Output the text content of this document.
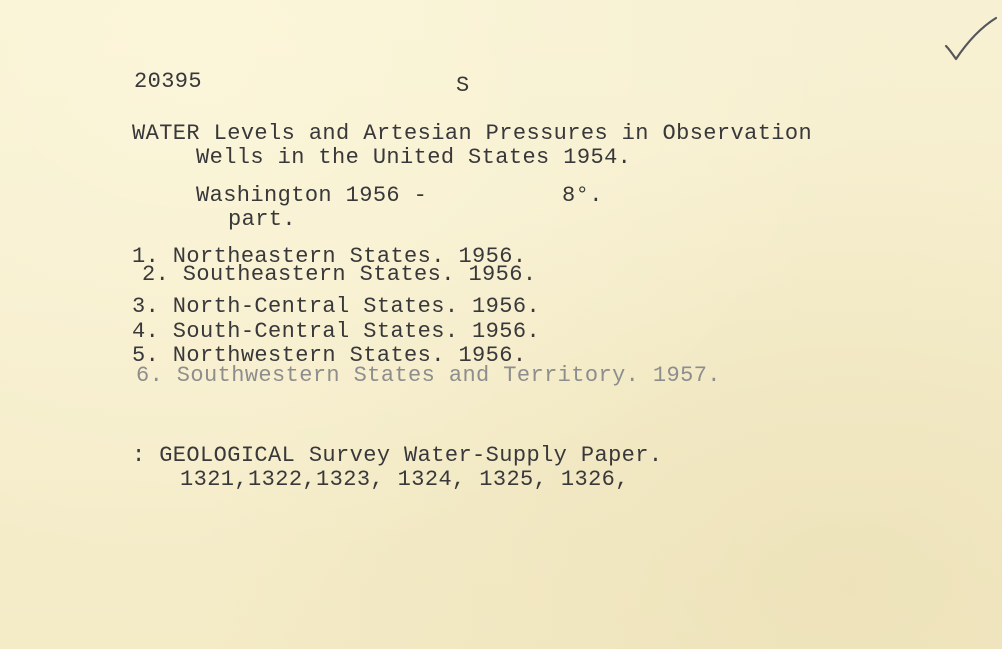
20395	S
WATER Levels and Artesian Pressures in Observation
Wells in the United States 1954.
Washington 1956 -	8°.
part.
1. Northeastern States. 1956.
2. Southeastern States. 1956.
3. North-Central States. 1956.
4. South-Central States. 1956.
5. Northwestern States. 1956.
6. Southwestern States and Territory. 1957.
: GEOLOGICAL Survey Water-Supply Paper.
1321,1322,1323, 1324, 1325, 1326,
